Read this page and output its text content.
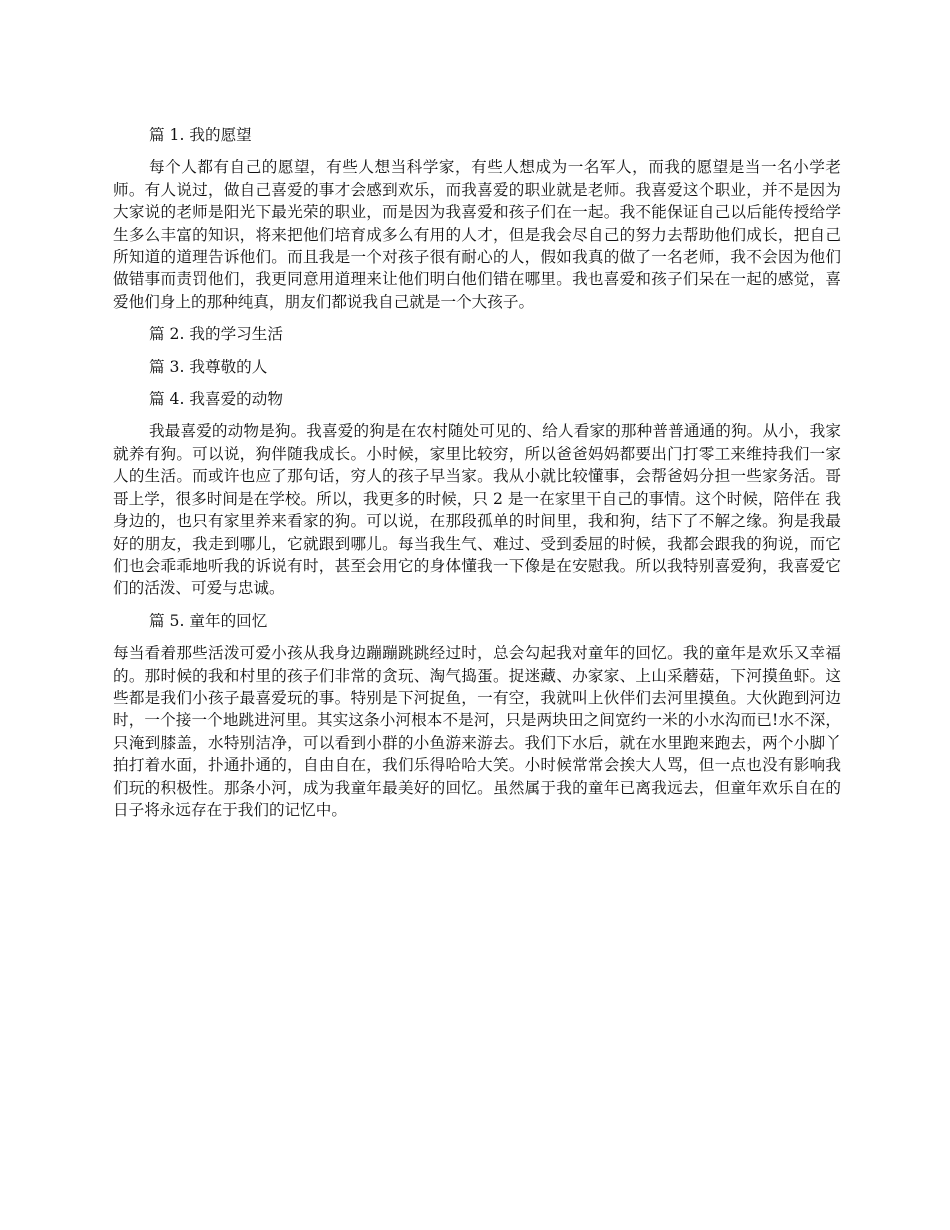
篇 1. 我的愿望

每个人都有自己的愿望，有些人想当科学家，有些人想成为一名军人，而我的愿望是当一名小学老师。有人说过，做自己喜爱的事才会感到欢乐，而我喜爱的职业就是老师。我喜爱这个职业，并不是因为大家说的老师是阳光下最光荣的职业，而是因为我喜爱和孩子们在一起。我不能保证自己以后能传授给学生多么丰富的知识，将来把他们培育成多么有用的人才，但是我会尽自己的努力去帮助他们成长，把自己所知道的道理告诉他们。而且我是一个对孩子很有耐心的人，假如我真的做了一名老师，我不会因为他们做错事而责罚他们，我更同意用道理来让他们明白他们错在哪里。我也喜爱和孩子们呆在一起的感觉，喜爱他们身上的那种纯真，朋友们都说我自己就是一个大孩子。

篇 2. 我的学习生活

篇 3. 我尊敬的人

篇 4. 我喜爱的动物

我最喜爱的动物是狗。我喜爱的狗是在农村随处可见的、给人看家的那种普普通通的狗。从小，我家就养有狗。可以说，狗伴随我成长。小时候，家里比较穷，所以爸爸妈妈都要出门打零工来维持我们一家人的生活。而或许也应了那句话，穷人的孩子早当家。我从小就比较懂事，会帮爸妈分担一些家务活。哥哥上学，很多时间是在学校。所以，我更多的时候，只 2 是一在家里干自己的事情。这个时候，陪伴在 我身边的，也只有家里养来看家的狗。可以说，在那段孤单的时间里，我和狗，结下了不解之缘。狗是我最好的朋友，我走到哪儿，它就跟到哪儿。每当我生气、难过、受到委屈的时候，我都会跟我的狗说，而它们也会乖乖地听我的诉说有时，甚至会用它的身体懂我一下像是在安慰我。所以我特别喜爱狗，我喜爱它们的活泼、可爱与忠诚。

篇 5. 童年的回忆

每当看着那些活泼可爱小孩从我身边蹦蹦跳跳经过时，总会勾起我对童年的回忆。我的童年是欢乐又幸福的。那时候的我和村里的孩子们非常的贪玩、淘气捣蛋。捉迷藏、办家家、上山采蘑菇，下河摸鱼虾。这些都是我们小孩子最喜爱玩的事。特别是下河捉鱼，一有空，我就叫上伙伴们去河里摸鱼。大伙跑到河边时，一个接一个地跳进河里。其实这条小河根本不是河，只是两块田之间宽约一米的小水沟而已!水不深，只淹到膝盖，水特别洁净，可以看到小群的小鱼游来游去。我们下水后，就在水里跑来跑去，两个小脚丫拍打着水面，扑通扑通的，自由自在，我们乐得哈哈大笑。小时候常常会挨大人骂，但一点也没有影响我们玩的积极性。那条小河，成为我童年最美好的回忆。虽然属于我的童年已离我远去，但童年欢乐自在的日子将永远存在于我们的记忆中。
